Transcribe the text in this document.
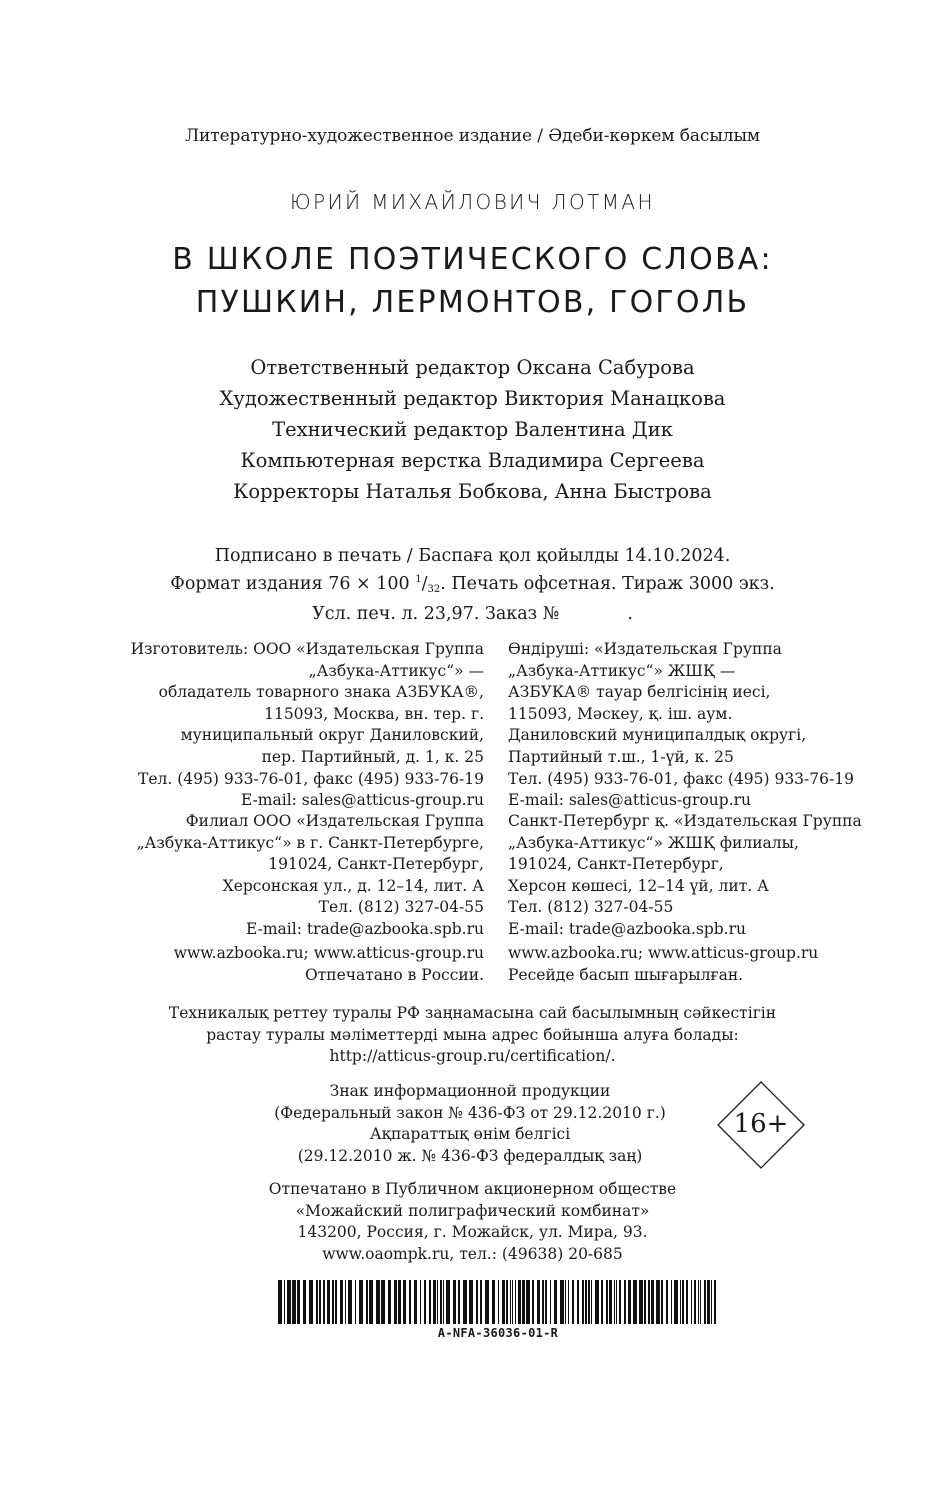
Литературно-художественное издание / Әдеби-көркем басылым
ЮРИЙ МИХАЙЛОВИЧ ЛОТМАН
В ШКОЛЕ ПОЭТИЧЕСКОГО СЛОВА:
ПУШКИН, ЛЕРМОНТОВ, ГОГОЛЬ
Ответственный редактор Оксана Сабурова
Художественный редактор Виктория Манацкова
Технический редактор Валентина Дик
Компьютерная верстка Владимира Сергеева
Корректоры Наталья Бобкова, Анна Быстрова
Подписано в печать / Баспаға қол қойылды 14.10.2024.
Формат издания 76 × 100 $^1/_{32}$. Печать офсетная. Тираж 3000 экз.
Усл. печ. л. 23,97. Заказ №	.
Изготовитель: ООО «Издательская Группа
„Азбука-Аттикус“» —
обладатель товарного знака АЗБУКА®,
115093, Москва, вн. тер. г.
муниципальный округ Даниловский,
пер. Партийный, д. 1, к. 25
Тел. (495) 933-76-01, факс (495) 933-76-19
E-mail: sales@atticus-group.ru
Өндіруші: «Издательская Группа
„Азбука-Аттикус“» ЖШҚ —
АЗБУКА® тауар белгісінің иесі,
115093, Мәскеу, қ. іш. аум.
Даниловский муниципалдық округі,
Партийный т.ш., 1-үй, к. 25
Тел. (495) 933-76-01, факс (495) 933-76-19
E-mail: sales@atticus-group.ru
Филиал ООО «Издательская Группа
„Азбука-Аттикус“» в г. Санкт-Петербурге,
191024, Санкт-Петербург,
Херсонская ул., д. 12–14, лит. А
Тел. (812) 327-04-55
E-mail: trade@azbooka.spb.ru
Санкт-Петербург қ. «Издательская Группа
„Азбука-Аттикус“» ЖШҚ филиалы,
191024, Санкт-Петербург,
Херсон көшесі, 12–14 үй, лит. А
Тел. (812) 327-04-55
E-mail: trade@azbooka.spb.ru
www.azbooka.ru; www.atticus-group.ru
Отпечатано в России.
www.azbooka.ru; www.atticus-group.ru
Ресейде басып шығарылған.
Техникалық реттеу туралы РФ заңнамасына сай басылымның сәйкестігін
растау туралы мәліметтерді мына адрес бойынша алуға болады:
http://atticus-group.ru/certification/.
Знак информационной продукции
(Федеральный закон № 436-ФЗ от 29.12.2010 г.)
Ақпараттық өнім белгісі
(29.12.2010 ж. № 436-ФЗ федералдық заң)
16+
Отпечатано в Публичном акционерном обществе
«Можайский полиграфический комбинат»
143200, Россия, г. Можайск, ул. Мира, 93.
www.oaompk.ru, тел.: (49638) 20-685
A-NFA-36036-01-R
